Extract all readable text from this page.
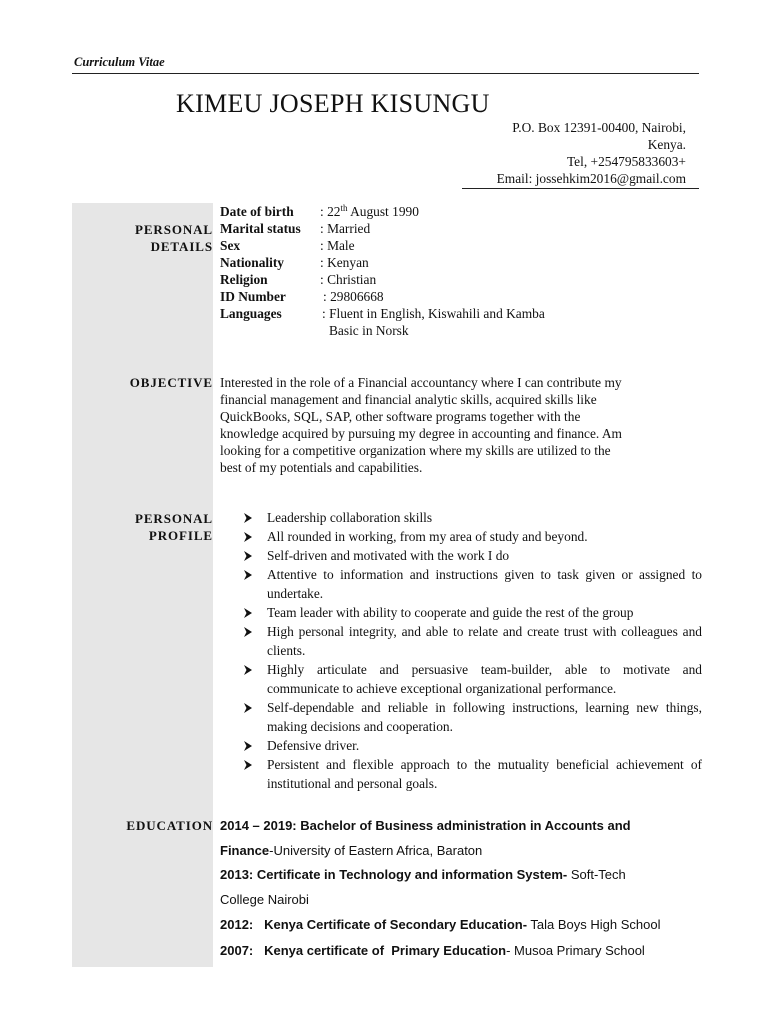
Curriculum Vitae
KIMEU JOSEPH KISUNGU
P.O. Box 12391-00400, Nairobi,
Kenya.
Tel, +254795833603+
Email: jossehkim2016@gmail.com
PERSONAL
DETAILS
OBJECTIVE
PERSONAL
PROFILE
EDUCATION
Date of birth : 22th August 1990
Marital status : Married
Sex	: Male
Nationality	: Kenyan
Religion	: Christian
ID Number	: 29806668
Languages	: Fluent in English, Kiswahili and Kamba
Basic in Norsk
Interested in the role of a Financial accountancy where I can contribute my
financial management and financial analytic skills, acquired skills like
QuickBooks, SQL, SAP, other software programs together with the
knowledge acquired by pursuing my degree in accounting and finance. Am
looking for a competitive organization where my skills are utilized to the
best of my potentials and capabilities.
Leadership collaboration skills
All rounded in working, from my area of study and beyond.
Self-driven and motivated with the work I do
Attentive to information and instructions given to task given or assigned to undertake.
Team leader with ability to cooperate and guide the rest of the group
High personal integrity, and able to relate and create trust with colleagues and clients.
Highly articulate and persuasive team-builder, able to motivate and communicate to achieve exceptional organizational performance.
Self-dependable and reliable in following instructions, learning new things, making decisions and cooperation.
Defensive driver.
Persistent and flexible approach to the mutuality beneficial achievement of institutional and personal goals.
2014 – 2019: Bachelor of Business administration in Accounts and
Finance-University of Eastern Africa, Baraton
2013: Certificate in Technology and information System- Soft-Tech
College Nairobi
2012:   Kenya Certificate of Secondary Education- Tala Boys High School
2007:   Kenya certificate of  Primary Education- Musoa Primary School
